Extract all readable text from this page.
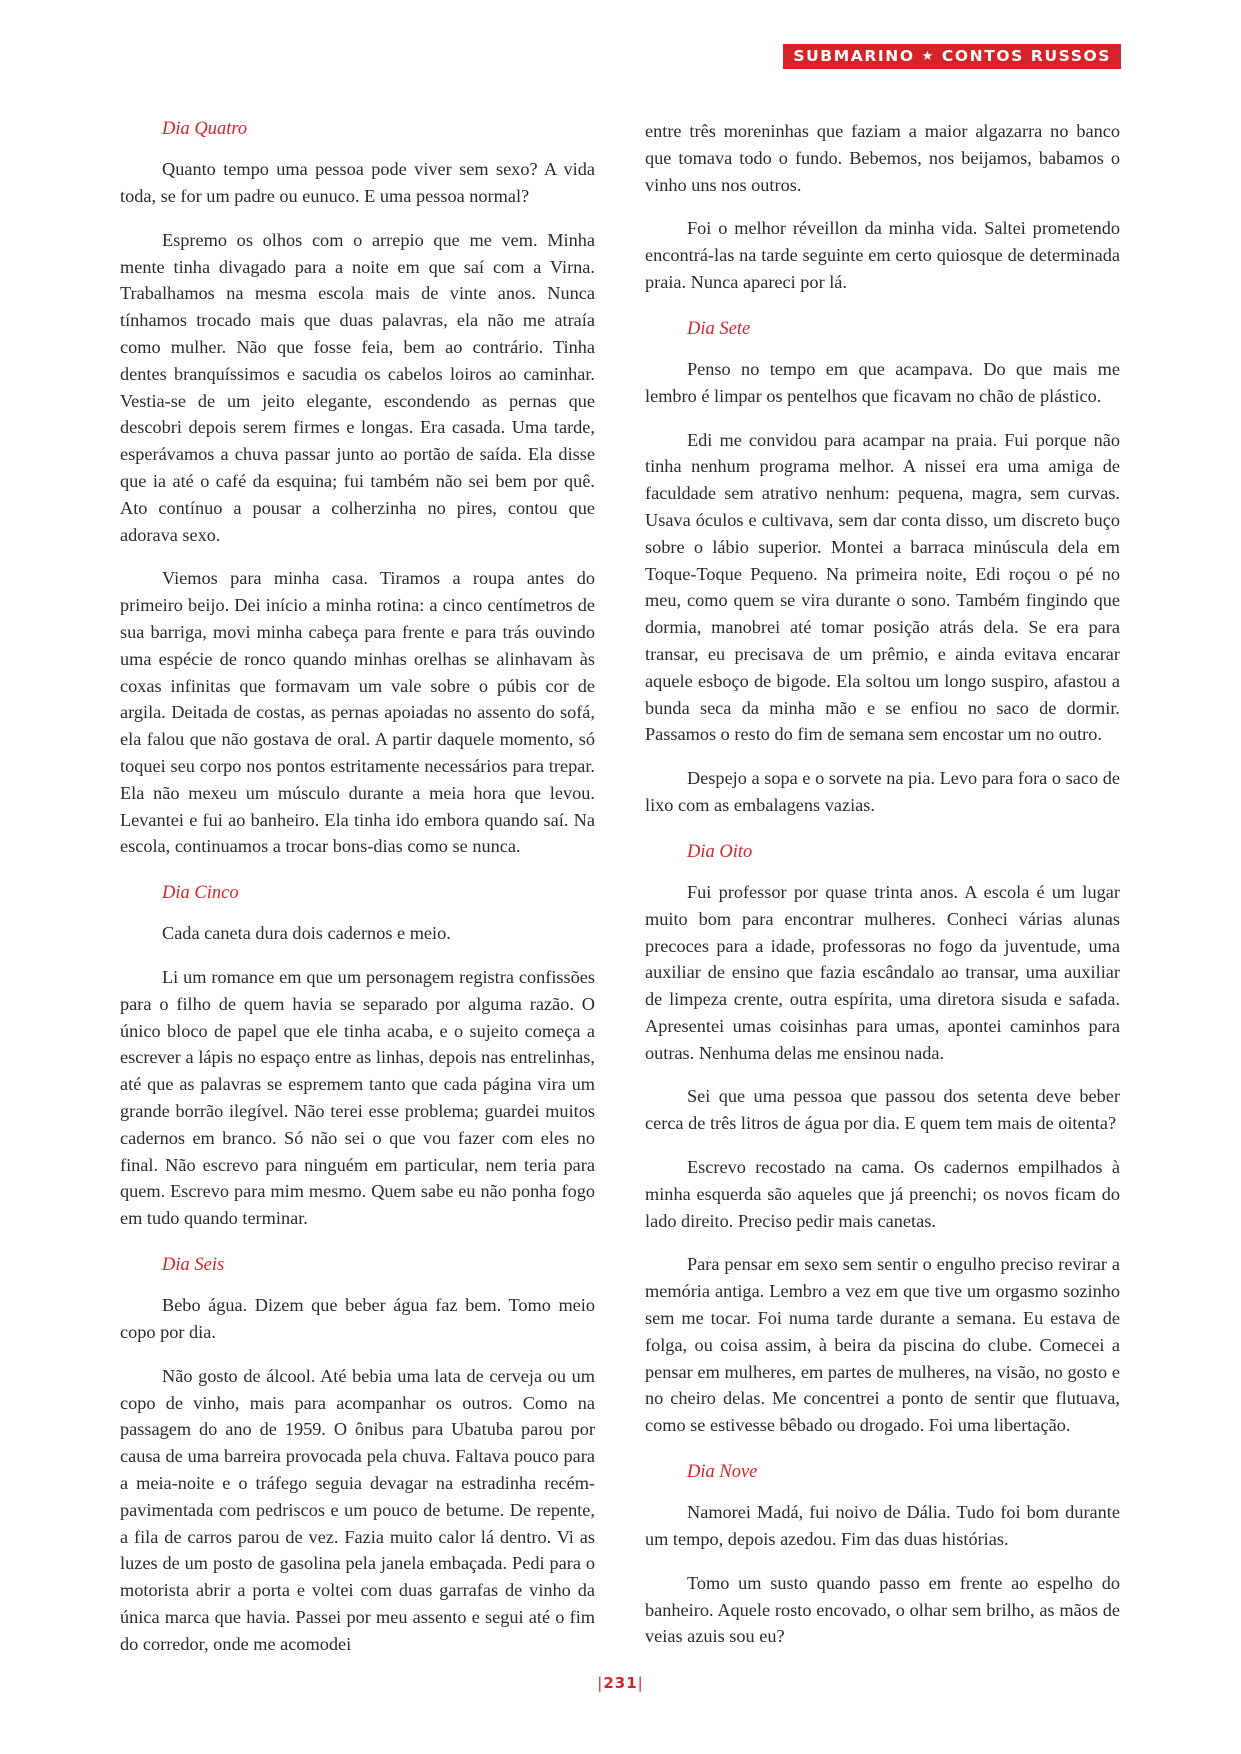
SUBMARINO ★ CONTOS RUSSOS
Dia Quatro

Quanto tempo uma pessoa pode viver sem sexo? A vida toda, se for um padre ou eunuco. E uma pessoa normal?

Espremo os olhos com o arrepio que me vem. Minha mente tinha divagado para a noite em que saí com a Virna. Trabalhamos na mesma escola mais de vinte anos. Nunca tínhamos trocado mais que duas palavras, ela não me atraía como mulher. Não que fosse feia, bem ao contrário. Tinha dentes branquíssimos e sacudia os cabelos loiros ao caminhar. Vestia-se de um jeito elegante, escondendo as pernas que descobri depois serem firmes e longas. Era casada. Uma tarde, esperávamos a chuva passar junto ao portão de saída. Ela disse que ia até o café da esquina; fui também não sei bem por quê. Ato contínuo a pousar a colherzinha no pires, contou que adorava sexo.

Viemos para minha casa. Tiramos a roupa antes do primeiro beijo. Dei início a minha rotina: a cinco centímetros de sua barriga, movi minha cabeça para frente e para trás ouvindo uma espécie de ronco quando minhas orelhas se alinhavam às coxas infinitas que formavam um vale sobre o púbis cor de argila. Deitada de costas, as pernas apoiadas no assento do sofá, ela falou que não gostava de oral. A partir daquele momento, só toquei seu corpo nos pontos estritamente necessários para trepar. Ela não mexeu um músculo durante a meia hora que levou. Levantei e fui ao banheiro. Ela tinha ido embora quando saí. Na escola, continuamos a trocar bons-dias como se nunca.

Dia Cinco

Cada caneta dura dois cadernos e meio.

Li um romance em que um personagem registra confissões para o filho de quem havia se separado por alguma razão. O único bloco de papel que ele tinha acaba, e o sujeito começa a escrever a lápis no espaço entre as linhas, depois nas entrelinhas, até que as palavras se espremem tanto que cada página vira um grande borrão ilegível. Não terei esse problema; guardei muitos cadernos em branco. Só não sei o que vou fazer com eles no final. Não escrevo para ninguém em particular, nem teria para quem. Escrevo para mim mesmo. Quem sabe eu não ponha fogo em tudo quando terminar.

Dia Seis

Bebo água. Dizem que beber água faz bem. Tomo meio copo por dia.

Não gosto de álcool. Até bebia uma lata de cerveja ou um copo de vinho, mais para acompanhar os outros. Como na passagem do ano de 1959. O ônibus para Ubatuba parou por causa de uma barreira provocada pela chuva. Faltava pouco para a meia-noite e o tráfego seguia devagar na estradinha recém-pavimentada com pedriscos e um pouco de betume. De repente, a fila de carros parou de vez. Fazia muito calor lá dentro. Vi as luzes de um posto de gasolina pela janela embaçada. Pedi para o motorista abrir a porta e voltei com duas garrafas de vinho da única marca que havia. Passei por meu assento e segui até o fim do corredor, onde me acomodei

entre três moreninhas que faziam a maior algazarra no banco que tomava todo o fundo. Bebemos, nos beijamos, babamos o vinho uns nos outros.

Foi o melhor réveillon da minha vida. Saltei prometendo encontrá-las na tarde seguinte em certo quiosque de determinada praia. Nunca apareci por lá.

Dia Sete

Penso no tempo em que acampava. Do que mais me lembro é limpar os pentelhos que ficavam no chão de plástico.

Edi me convidou para acampar na praia. Fui porque não tinha nenhum programa melhor. A nissei era uma amiga de faculdade sem atrativo nenhum: pequena, magra, sem curvas. Usava óculos e cultivava, sem dar conta disso, um discreto buço sobre o lábio superior. Montei a barraca minúscula dela em Toque-Toque Pequeno. Na primeira noite, Edi roçou o pé no meu, como quem se vira durante o sono. Também fingindo que dormia, manobrei até tomar posição atrás dela. Se era para transar, eu precisava de um prêmio, e ainda evitava encarar aquele esboço de bigode. Ela soltou um longo suspiro, afastou a bunda seca da minha mão e se enfiou no saco de dormir. Passamos o resto do fim de semana sem encostar um no outro.

Despejo a sopa e o sorvete na pia. Levo para fora o saco de lixo com as embalagens vazias.

Dia Oito

Fui professor por quase trinta anos. A escola é um lugar muito bom para encontrar mulheres. Conheci várias alunas precoces para a idade, professoras no fogo da juventude, uma auxiliar de ensino que fazia escândalo ao transar, uma auxiliar de limpeza crente, outra espírita, uma diretora sisuda e safada. Apresentei umas coisinhas para umas, apontei caminhos para outras. Nenhuma delas me ensinou nada.

Sei que uma pessoa que passou dos setenta deve beber cerca de três litros de água por dia. E quem tem mais de oitenta?

Escrevo recostado na cama. Os cadernos empilhados à minha esquerda são aqueles que já preenchi; os novos ficam do lado direito. Preciso pedir mais canetas.

Para pensar em sexo sem sentir o engulho preciso revirar a memória antiga. Lembro a vez em que tive um orgasmo sozinho sem me tocar. Foi numa tarde durante a semana. Eu estava de folga, ou coisa assim, à beira da piscina do clube. Comecei a pensar em mulheres, em partes de mulheres, na visão, no gosto e no cheiro delas. Me concentrei a ponto de sentir que flutuava, como se estivesse bêbado ou drogado. Foi uma libertação.

Dia Nove

Namorei Madá, fui noivo de Dália. Tudo foi bom durante um tempo, depois azedou. Fim das duas histórias.

Tomo um susto quando passo em frente ao espelho do banheiro. Aquele rosto encovado, o olhar sem brilho, as mãos de veias azuis sou eu?

|231|
